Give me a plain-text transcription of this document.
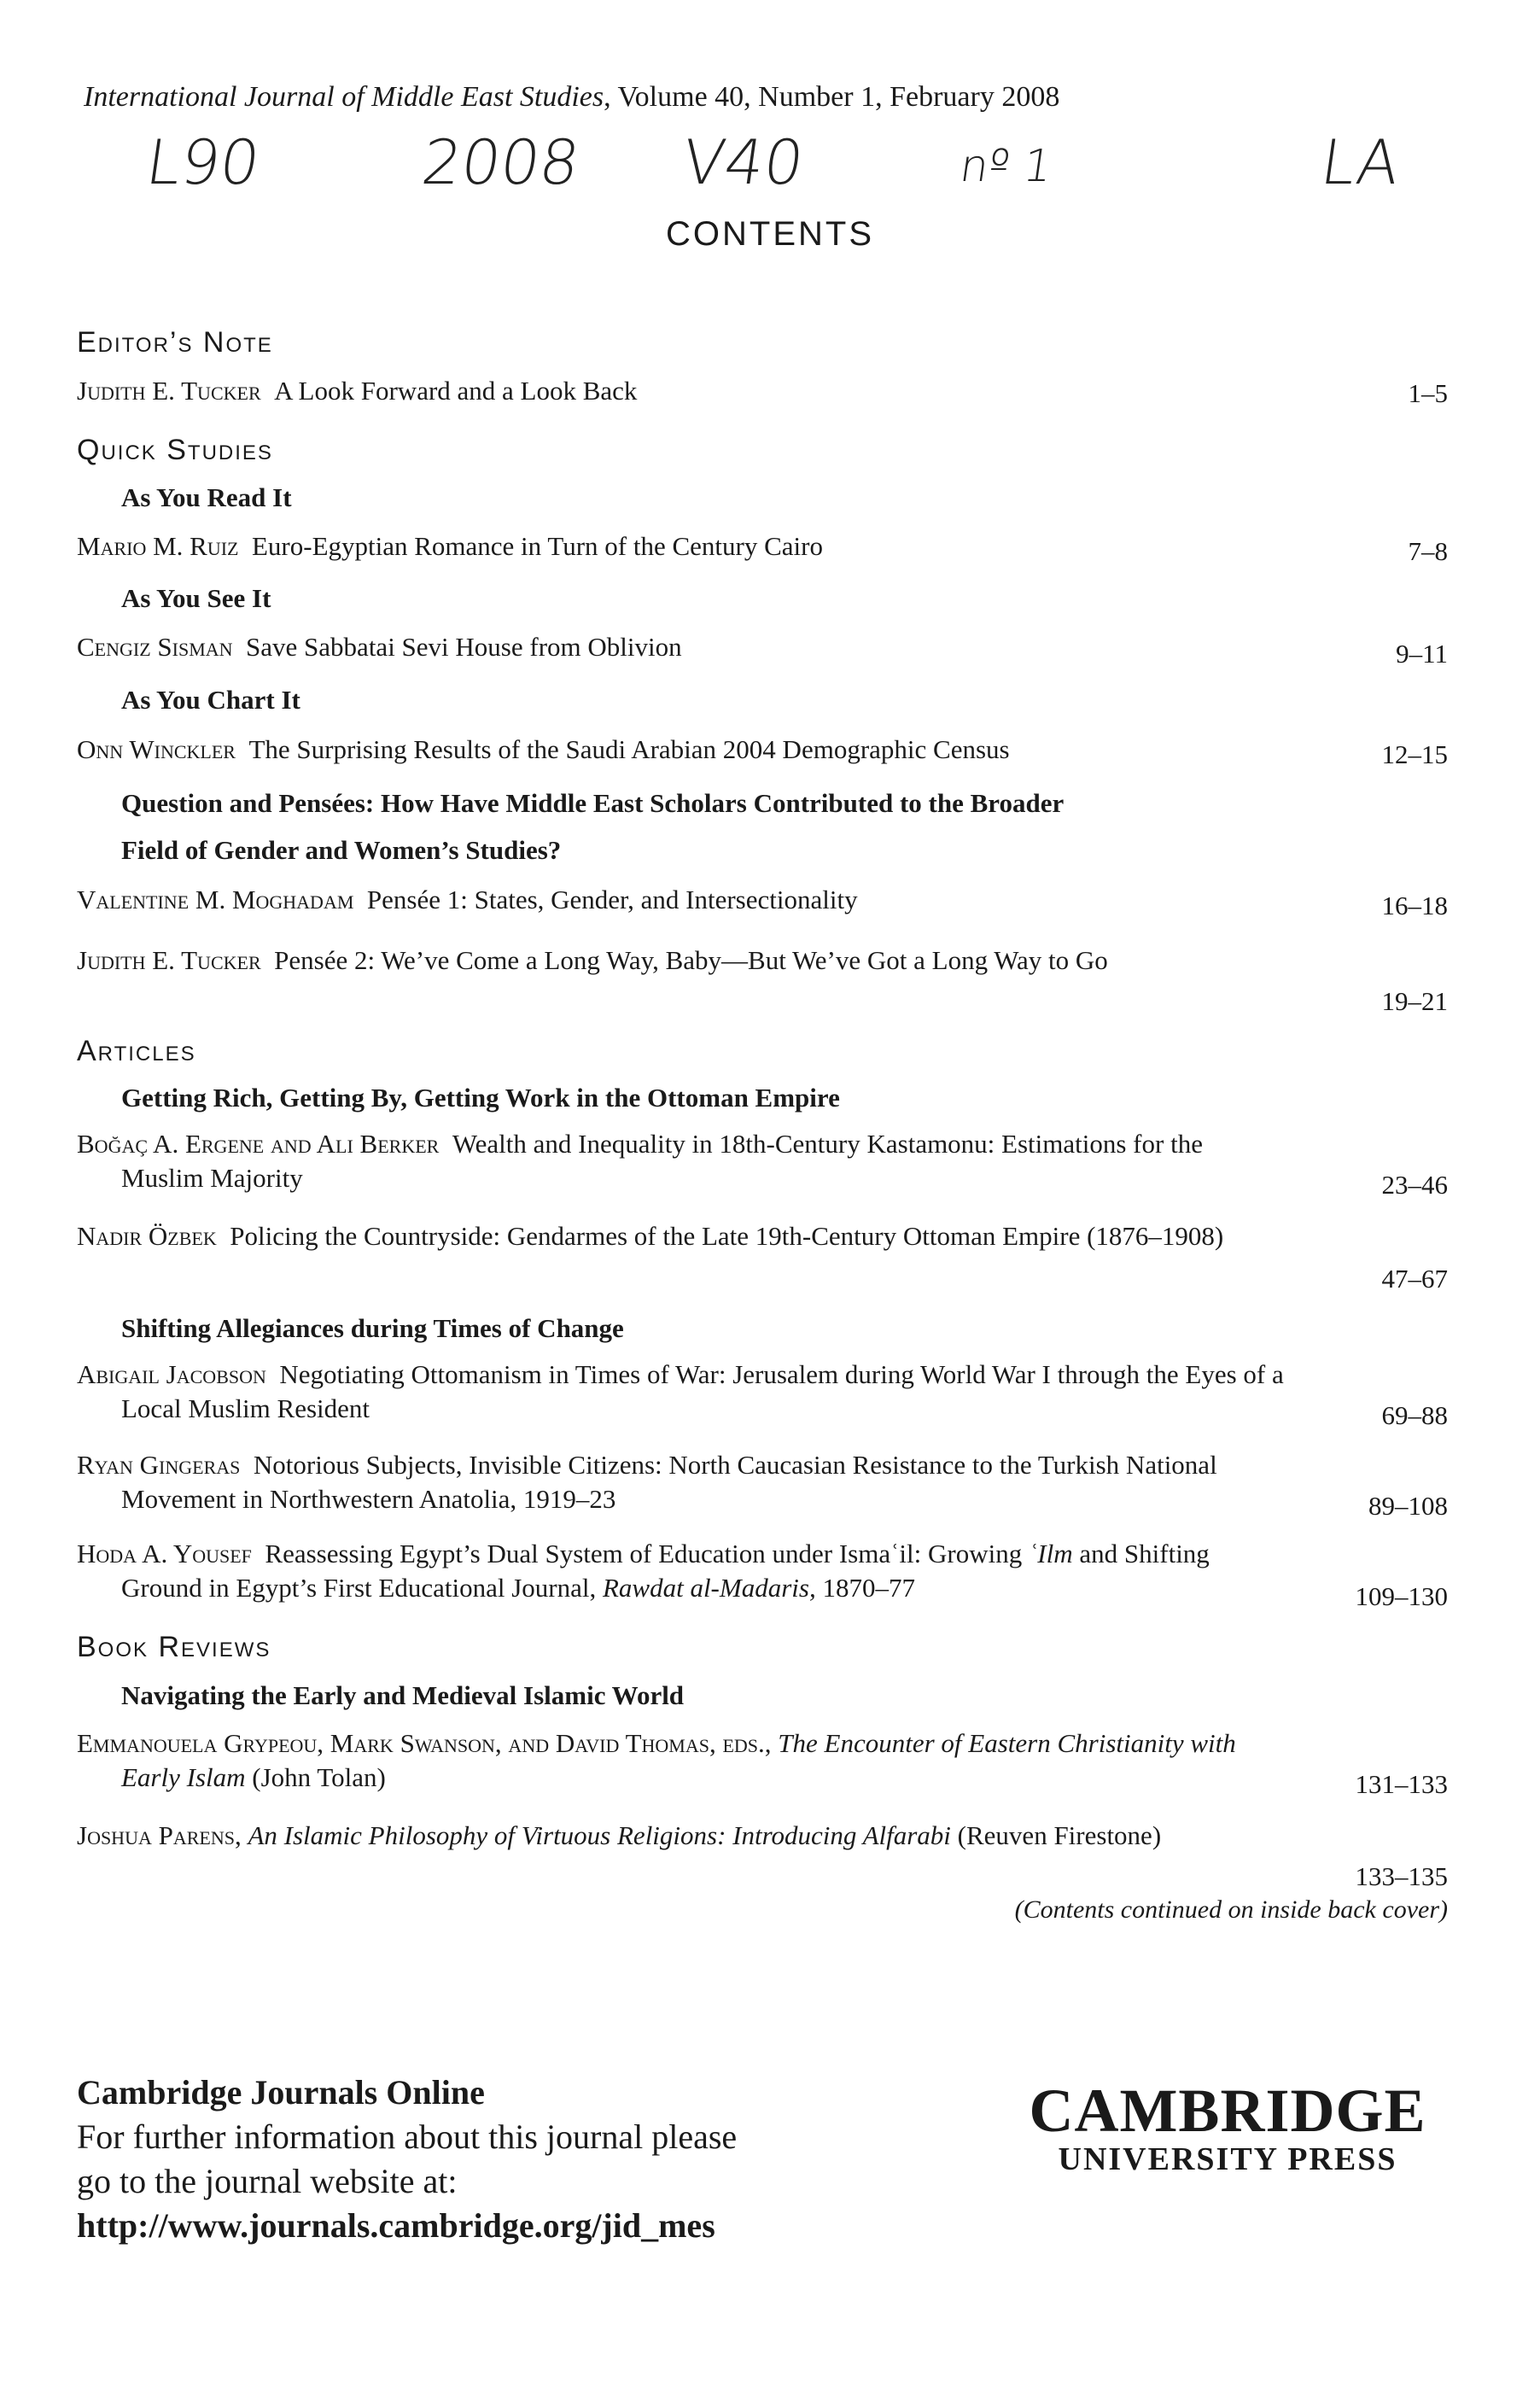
International Journal of Middle East Studies, Volume 40, Number 1, February 2008
L90 2008 V40	nº 1	LA
CONTENTS
Editor’s Note
Judith E. Tucker A Look Forward and a Look Back	1–5
Quick Studies
As You Read It
Mario M. Ruiz Euro-Egyptian Romance in Turn of the Century Cairo	7–8
As You See It
Cengiz Sisman Save Sabbatai Sevi House from Oblivion	9–11
As You Chart It
Onn Winckler The Surprising Results of the Saudi Arabian 2004 Demographic Census	12–15
Question and Pensées: How Have Middle East Scholars Contributed to the Broader
Field of Gender and Women’s Studies?
Valentine M. Moghadam Pensée 1: States, Gender, and Intersectionality	16–18
Judith E. Tucker Pensée 2: We’ve Come a Long Way, Baby—But We’ve Got a Long Way to Go
19–21
Articles
Getting Rich, Getting By, Getting Work in the Ottoman Empire
Boğaç A. Ergene and Ali Berker Wealth and Inequality in 18th-Century Kastamonu: Estimations for the Muslim Majority	23–46
Nadir Özbek Policing the Countryside: Gendarmes of the Late 19th-Century Ottoman Empire (1876–1908)
47–67
Shifting Allegiances during Times of Change
Abigail Jacobson Negotiating Ottomanism in Times of War: Jerusalem during World War I through the Eyes of a Local Muslim Resident	69–88
Ryan Gingeras Notorious Subjects, Invisible Citizens: North Caucasian Resistance to the Turkish National Movement in Northwestern Anatolia, 1919–23	89–108
Hoda A. Yousef Reassessing Egypt’s Dual System of Education under Ismaʿil: Growing ʿIlm and Shifting Ground in Egypt’s First Educational Journal, Rawdat al-Madaris, 1870–77	109–130
Book Reviews
Navigating the Early and Medieval Islamic World
Emmanouela Grypeou, Mark Swanson, and David Thomas, eds., The Encounter of Eastern Christianity with Early Islam (John Tolan)	131–133
Joshua Parens, An Islamic Philosophy of Virtuous Religions: Introducing Alfarabi (Reuven Firestone)
133–135
(Contents continued on inside back cover)
Cambridge Journals Online
For further information about this journal please
go to the journal website at:
http://www.journals.cambridge.org/jid_mes
CAMBRIDGE
UNIVERSITY PRESS
